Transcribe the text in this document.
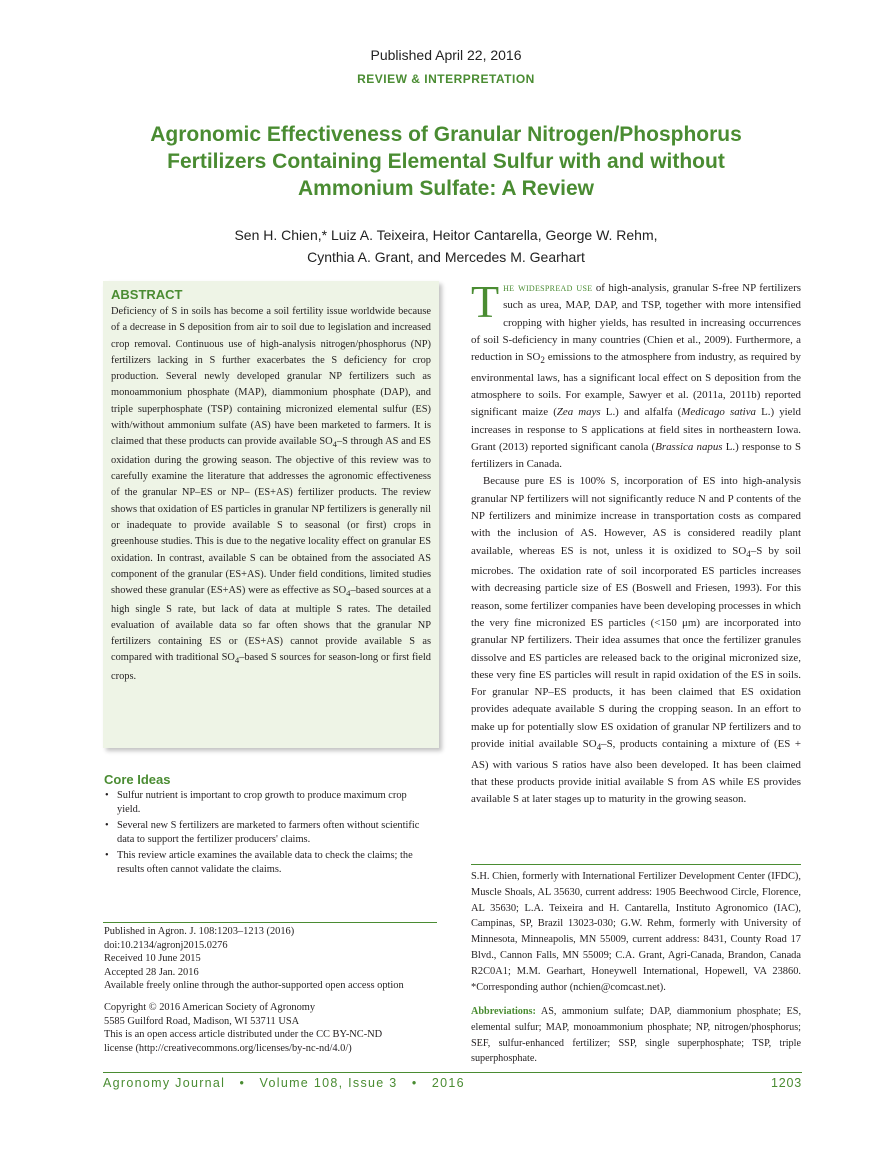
Published April 22, 2016
REVIEW & INTERPRETATION
Agronomic Effectiveness of Granular Nitrogen/Phosphorus Fertilizers Containing Elemental Sulfur with and without Ammonium Sulfate: A Review
Sen H. Chien,* Luiz A. Teixeira, Heitor Cantarella, George W. Rehm,
Cynthia A. Grant, and Mercedes M. Gearhart
ABSTRACT

Deficiency of S in soils has become a soil fertility issue worldwide because of a decrease in S deposition from air to soil due to legislation and increased crop removal. Continuous use of high-analysis nitrogen/phosphorus (NP) fertilizers lacking in S further exacerbates the S deficiency for crop production. Several newly developed granular NP fertilizers such as monoammonium phosphate (MAP), diammonium phosphate (DAP), and triple superphosphate (TSP) containing micronized elemental sulfur (ES) with/without ammonium sulfate (AS) have been marketed to farmers. It is claimed that these products can provide available $SO_4-S$ through AS and ES oxidation during the growing season. The objective of this review was to carefully examine the literature that addresses the agronomic effectiveness of the granular NP–ES or NP– (ES+AS) fertilizer products. The review shows that oxidation of ES particles in granular NP fertilizers is generally nil or inadequate to provide available S to seasonal (or first) crops in greenhouse studies. This is due to the negative locality effect on granular ES oxidation. In contrast, available S can be obtained from the associated AS component of the granular (ES+AS). Under field conditions, limited studies showed these granular (ES+AS) were as effective as $SO_4$–based sources at a high single S rate, but lack of data at multiple S rates. The detailed evaluation of available data so far often shows that the granular NP fertilizers containing ES or (ES+AS) cannot provide available S as compared with traditional $SO_4$–based S sources for season-long or first field crops.

Core Ideas
• Sulfur nutrient is important to crop growth to produce maximum crop yield.
• Several new S fertilizers are marketed to farmers often without scientific data to support the fertilizer producers' claims.
• This review article examines the available data to check the claims; the results often cannot validate the claims.
Published in Agron. J. 108:1203–1213 (2016)
doi:10.2134/agronj2015.0276
Received 10 June 2015
Accepted 28 Jan. 2016
Available freely online through the author-supported open access option
Copyright © 2016 American Society of Agronomy
5585 Guilford Road, Madison, WI 53711 USA
This is an open access article distributed under the CC BY-NC-ND
license (http://creativecommons.org/licenses/by-nc-nd/4.0/)

The widespread use of high-analysis, granular S-free NP fertilizers such as urea, MAP, DAP, and TSP, together with more intensified cropping with higher yields, has resulted in increasing occurrences of soil S-deficiency in many countries (Chien et al., 2009). Furthermore, a reduction in $SO_2$ emissions to the atmosphere from industry, as required by environmental laws, has a significant local effect on S deposition from the atmosphere to soils. For example, Sawyer et al. (2011a, 2011b) reported significant maize (Zea mays L.) and alfalfa (Medicago sativa L.) yield increases in response to S applications at field sites in northeastern Iowa. Grant (2013) reported significant canola (Brassica napus L.) response to S fertilizers in Canada.

Because pure ES is 100% S, incorporation of ES into high-analysis granular NP fertilizers will not significantly reduce N and P contents of the NP fertilizers and minimize increase in transportation costs as compared with the inclusion of AS. However, AS is considered readily plant available, whereas ES is not, unless it is oxidized to $SO_4-S$ by soil microbes. The oxidation rate of soil incorporated ES particles increases with decreasing particle size of ES (Boswell and Friesen, 1993). For this reason, some fertilizer companies have been developing processes in which the very fine micronized ES particles (<150 μm) are incorporated into granular NP fertilizers. Their idea assumes that once the fertilizer granules dissolve and ES particles are released back to the original micronized size, these very fine ES particles will result in rapid oxidation of the ES in soils. For granular NP–ES products, it has been claimed that ES oxidation provides adequate available S during the cropping season. In an effort to make up for potentially slow ES oxidation of granular NP fertilizers and to provide initial available $SO_4-S$, products containing a mixture of (ES + AS) with various S ratios have also been developed. It has been claimed that these products provide initial available S from AS while ES provides available S at later stages up to maturity in the growing season.

S.H. Chien, formerly with International Fertilizer Development Center (IFDC), Muscle Shoals, AL 35630, current address: 1905 Beechwood Circle, Florence, AL 35630; L.A. Teixeira and H. Cantarella, Instituto Agronomico (IAC), Campinas, SP, Brazil 13023-030; G.W. Rehm, formerly with University of Minnesota, Minneapolis, MN 55009, current address: 8431, County Road 17 Blvd., Cannon Falls, MN 55009; C.A. Grant, Agri-Canada, Brandon, Canada R2C0A1; M.M. Gearhart, Honeywell International, Hopewell, VA 23860. *Corresponding author (nchien@comcast.net).

Abbreviations: AS, ammonium sulfate; DAP, diammonium phosphate; ES, elemental sulfur; MAP, monoammonium phosphate; NP, nitrogen/phosphorus; SEF, sulfur-enhanced fertilizer; SSP, single superphosphate; TSP, triple superphosphate.

Agronomy Journal   •   Volume 108, Issue 3   •   2016	1203
